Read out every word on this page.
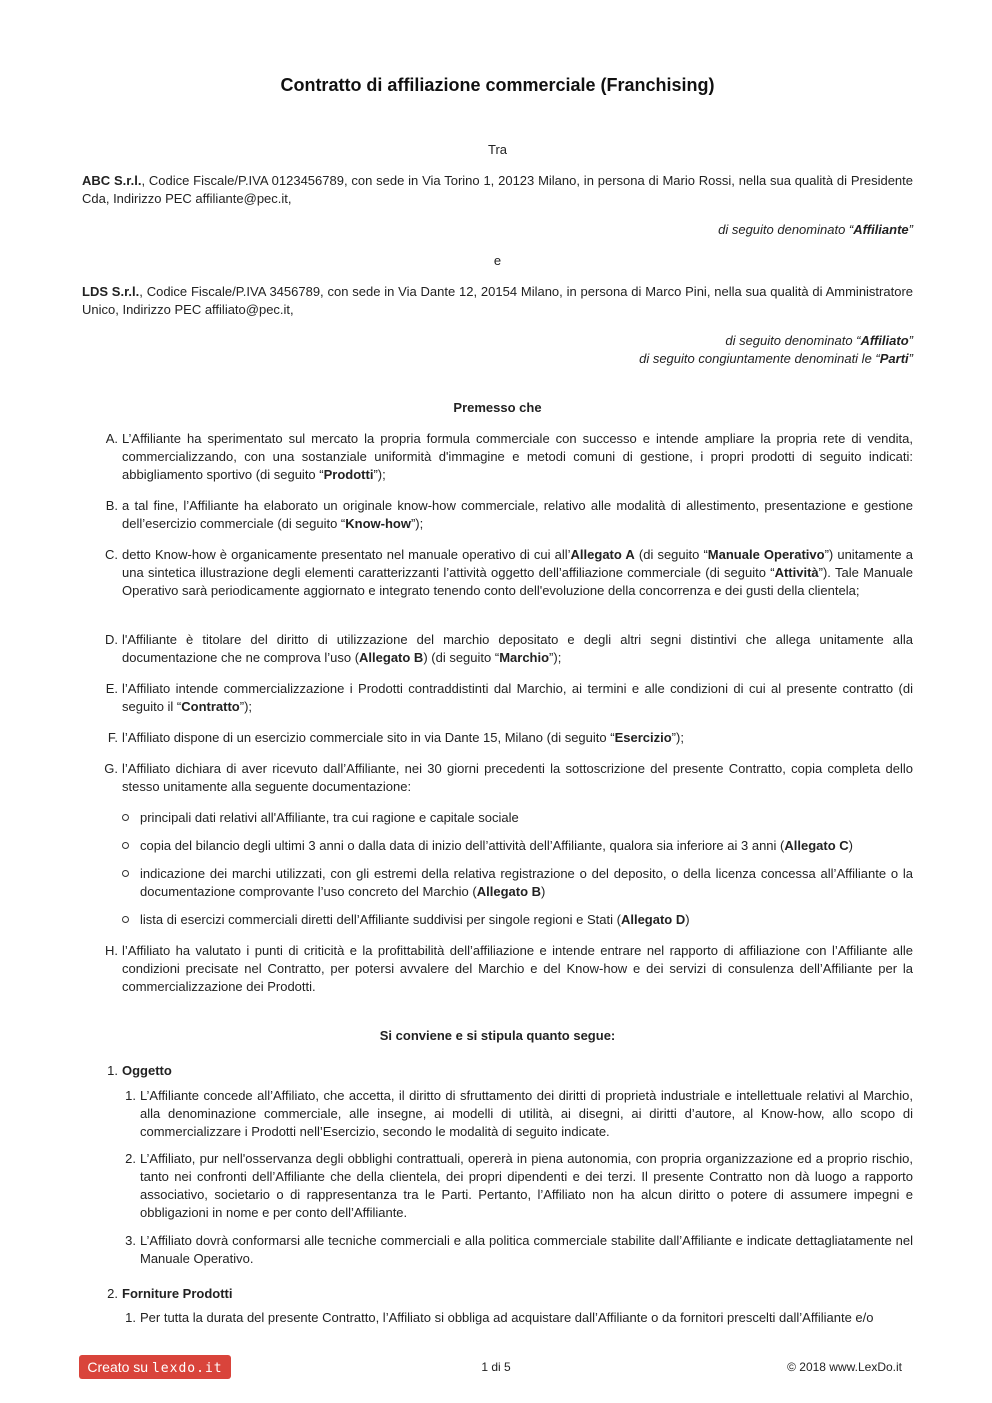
Contratto di affiliazione commerciale (Franchising)
Tra
ABC S.r.l., Codice Fiscale/P.IVA 0123456789, con sede in Via Torino 1, 20123 Milano, in persona di Mario Rossi, nella sua qualità di Presidente Cda, Indirizzo PEC affiliante@pec.it,
di seguito denominato “Affiliante”
e
LDS S.r.l., Codice Fiscale/P.IVA 3456789, con sede in Via Dante 12, 20154 Milano, in persona di Marco Pini, nella sua qualità di Amministratore Unico, Indirizzo PEC affiliato@pec.it,
di seguito denominato “Affiliato”
di seguito congiuntamente denominati le “Parti”
Premesso che
A. L’Affiliante ha sperimentato sul mercato la propria formula commerciale con successo e intende ampliare la propria rete di vendita, commercializzando, con una sostanziale uniformità d'immagine e metodi comuni di gestione, i propri prodotti di seguito indicati: abbigliamento sportivo (di seguito “Prodotti”);
B. a tal fine, l’Affiliante ha elaborato un originale know-how commerciale, relativo alle modalità di allestimento, presentazione e gestione dell’esercizio commerciale (di seguito “Know-how”);
C. detto Know-how è organicamente presentato nel manuale operativo di cui all’Allegato A (di seguito “Manuale Operativo”) unitamente a una sintetica illustrazione degli elementi caratterizzanti l’attività oggetto dell’affiliazione commerciale (di seguito “Attività”). Tale Manuale Operativo sarà periodicamente aggiornato e integrato tenendo conto dell'evoluzione della concorrenza e dei gusti della clientela;
D. l'Affiliante è titolare del diritto di utilizzazione del marchio depositato e degli altri segni distintivi che allega unitamente alla documentazione che ne comprova l’uso (Allegato B) (di seguito “Marchio”);
E. l’Affiliato intende commercializzazione i Prodotti contraddistinti dal Marchio, ai termini e alle condizioni di cui al presente contratto (di seguito il “Contratto”);
F. l’Affiliato dispone di un esercizio commerciale sito in via Dante 15, Milano (di seguito “Esercizio”);
G. l’Affiliato dichiara di aver ricevuto dall’Affiliante, nei 30 giorni precedenti la sottoscrizione del presente Contratto, copia completa dello stesso unitamente alla seguente documentazione:
principali dati relativi all'Affiliante, tra cui ragione e capitale sociale
copia del bilancio degli ultimi 3 anni o dalla data di inizio dell’attività dell’Affiliante, qualora sia inferiore ai 3 anni (Allegato C)
indicazione dei marchi utilizzati, con gli estremi della relativa registrazione o del deposito, o della licenza concessa all’Affiliante o la documentazione comprovante l’uso concreto del Marchio (Allegato B)
lista di esercizi commerciali diretti dell’Affiliante suddivisi per singole regioni e Stati (Allegato D)
H. l’Affiliato ha valutato i punti di criticità e la profittabilità dell’affiliazione e intende entrare nel rapporto di affiliazione con l’Affiliante alle condizioni precisate nel Contratto, per potersi avvalere del Marchio e del Know-how e dei servizi di consulenza dell’Affiliante per la commercializzazione dei Prodotti.
Si conviene e si stipula quanto segue:
1. Oggetto
1. L’Affiliante concede all’Affiliato, che accetta, il diritto di sfruttamento dei diritti di proprietà industriale e intellettuale relativi al Marchio, alla denominazione commerciale, alle insegne, ai modelli di utilità, ai disegni, ai diritti d’autore, al Know-how, allo scopo di commercializzare i Prodotti nell’Esercizio, secondo le modalità di seguito indicate.
2. L’Affiliato, pur nell'osservanza degli obblighi contrattuali, opererà in piena autonomia, con propria organizzazione ed a proprio rischio, tanto nei confronti dell’Affiliante che della clientela, dei propri dipendenti e dei terzi. Il presente Contratto non dà luogo a rapporto associativo, societario o di rappresentanza tra le Parti. Pertanto, l’Affiliato non ha alcun diritto o potere di assumere impegni e obbligazioni in nome e per conto dell’Affiliante.
3. L’Affiliato dovrà conformarsi alle tecniche commerciali e alla politica commerciale stabilite dall’Affiliante e indicate dettagliatamente nel Manuale Operativo.
2. Forniture Prodotti
1. Per tutta la durata del presente Contratto, l’Affiliato si obbliga ad acquistare dall’Affiliante o da fornitori prescelti dall’Affiliante e/o
Creato su lexdo.it	1 di 5	© 2018 www.LexDo.it
